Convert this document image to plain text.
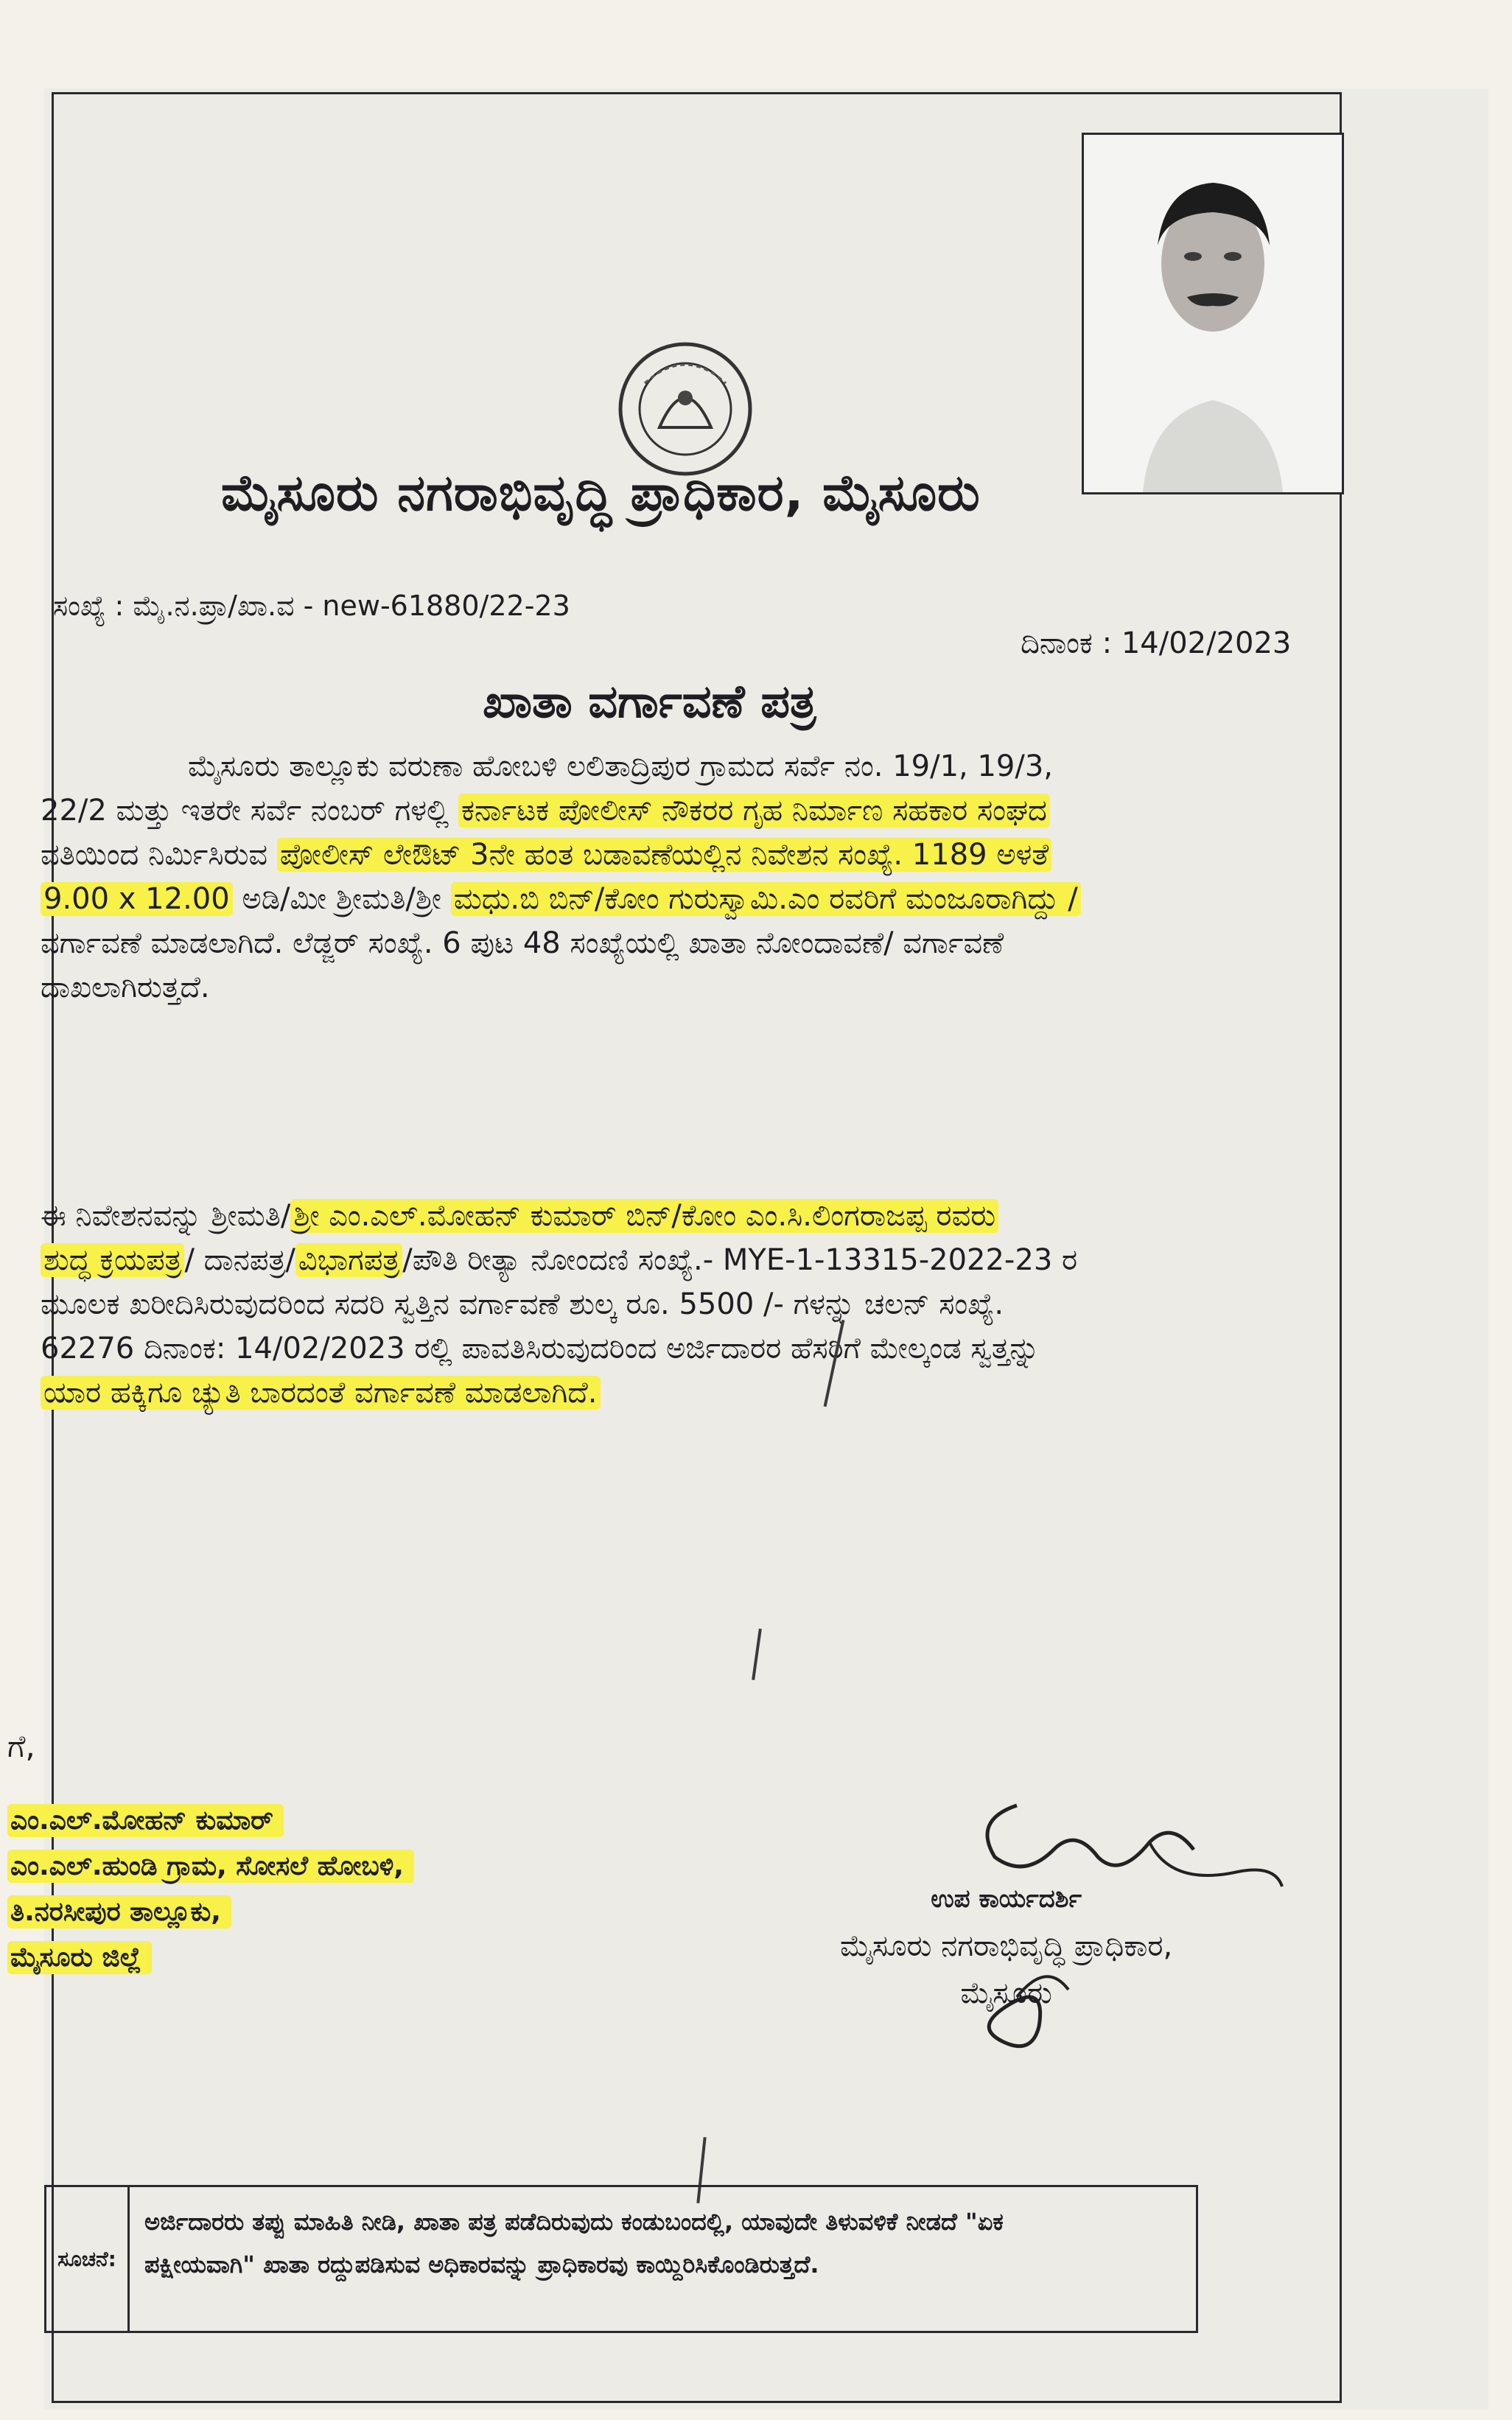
ಮೈಸೂರು ನಗರಾಭಿವೃದ್ಧಿ ಪ್ರಾಧಿಕಾರ, ಮೈಸೂರು
ಸಂಖ್ಯೆ : ಮೈ.ನ.ಪ್ರಾ/ಖಾ.ವ - new-61880/22-23
ದಿನಾಂಕ : 14/02/2023
ಖಾತಾ ವರ್ಗಾವಣೆ ಪತ್ರ
ಮೈಸೂರು ತಾಲ್ಲೂಕು ವರುಣಾ ಹೋಬಳಿ ಲಲಿತಾದ್ರಿಪುರ ಗ್ರಾಮದ ಸರ್ವೆ ನಂ. 19/1, 19/3,
22/2 ಮತ್ತು ಇತರೇ ಸರ್ವೆ ನಂಬರ್ ಗಳಲ್ಲಿ ಕರ್ನಾಟಕ ಪೋಲೀಸ್ ನೌಕರರ ಗೃಹ ನಿರ್ಮಾಣ ಸಹಕಾರ ಸಂಘದ
ವತಿಯಿಂದ ನಿರ್ಮಿಸಿರುವ ಪೋಲೀಸ್ ಲೇಔಟ್ 3ನೇ ಹಂತ ಬಡಾವಣೆಯಲ್ಲಿನ ನಿವೇಶನ ಸಂಖ್ಯೆ. 1189 ಅಳತೆ
9.00 x 12.00 ಅಡಿ/ಮೀ ಶ್ರೀಮತಿ/ಶ್ರೀ ಮಧು.ಬಿ ಬಿನ್/ಕೋಂ ಗುರುಸ್ವಾಮಿ.ಎಂ ರವರಿಗೆ ಮಂಜೂರಾಗಿದ್ದು /
ವರ್ಗಾವಣೆ ಮಾಡಲಾಗಿದೆ. ಲೆಡ್ಜರ್ ಸಂಖ್ಯೆ. 6 ಪುಟ 48 ಸಂಖ್ಯೆಯಲ್ಲಿ ಖಾತಾ ನೋಂದಾವಣೆ/ ವರ್ಗಾವಣೆ
ದಾಖಲಾಗಿರುತ್ತದೆ.
ಈ ನಿವೇಶನವನ್ನು ಶ್ರೀಮತಿ/ ಶ್ರೀ ಎಂ.ಎಲ್.ಮೋಹನ್ ಕುಮಾರ್ ಬಿನ್/ಕೋಂ ಎಂ.ಸಿ.ಲಿಂಗರಾಜಪ್ಪ ರವರು
ಶುದ್ಧ ಕ್ರಯಪತ್ರ / ದಾನಪತ್ರ/ ವಿಭಾಗಪತ್ರ /ಪೌತಿ ರೀತ್ಯಾ ನೋಂದಣಿ ಸಂಖ್ಯೆ.- MYE-1-13315-2022-23 ರ
ಮೂಲಕ ಖರೀದಿಸಿರುವುದರಿಂದ ಸದರಿ ಸ್ವತ್ತಿನ ವರ್ಗಾವಣೆ ಶುಲ್ಕ ರೂ. 5500 /- ಗಳನ್ನು ಚಲನ್ ಸಂಖ್ಯೆ.
62276 ದಿನಾಂಕ: 14/02/2023 ರಲ್ಲಿ ಪಾವತಿಸಿರುವುದರಿಂದ ಅರ್ಜಿದಾರರ ಹೆಸರಿಗೆ ಮೇಲ್ಕಂಡ ಸ್ವತ್ತನ್ನು
ಯಾರ ಹಕ್ಕಿಗೂ ಚ್ಯುತಿ ಬಾರದಂತೆ ವರ್ಗಾವಣೆ ಮಾಡಲಾಗಿದೆ.
ಗೆ,
ಎಂ.ಎಲ್.ಮೋಹನ್ ಕುಮಾರ್
ಎಂ.ಎಲ್.ಹುಂಡಿ ಗ್ರಾಮ, ಸೋಸಲೆ ಹೋಬಳಿ,
ತಿ.ನರಸೀಪುರ ತಾಲ್ಲೂಕು,
ಮೈಸೂರು ಜಿಲ್ಲೆ
ಉಪ ಕಾರ್ಯದರ್ಶಿ
ಮೈಸೂರು ನಗರಾಭಿವೃದ್ಧಿ ಪ್ರಾಧಿಕಾರ,
ಮೈಸೂರು
ಸೂಚನೆ:
ಅರ್ಜಿದಾರರು ತಪ್ಪು ಮಾಹಿತಿ ನೀಡಿ, ಖಾತಾ ಪತ್ರ ಪಡೆದಿರುವುದು ಕಂಡುಬಂದಲ್ಲಿ, ಯಾವುದೇ ತಿಳುವಳಿಕೆ ನೀಡದೆ "ಏಕ
ಪಕ್ಷೀಯವಾಗಿ" ಖಾತಾ ರದ್ದುಪಡಿಸುವ ಅಧಿಕಾರವನ್ನು ಪ್ರಾಧಿಕಾರವು ಕಾಯ್ದಿರಿಸಿಕೊಂಡಿರುತ್ತದೆ.
